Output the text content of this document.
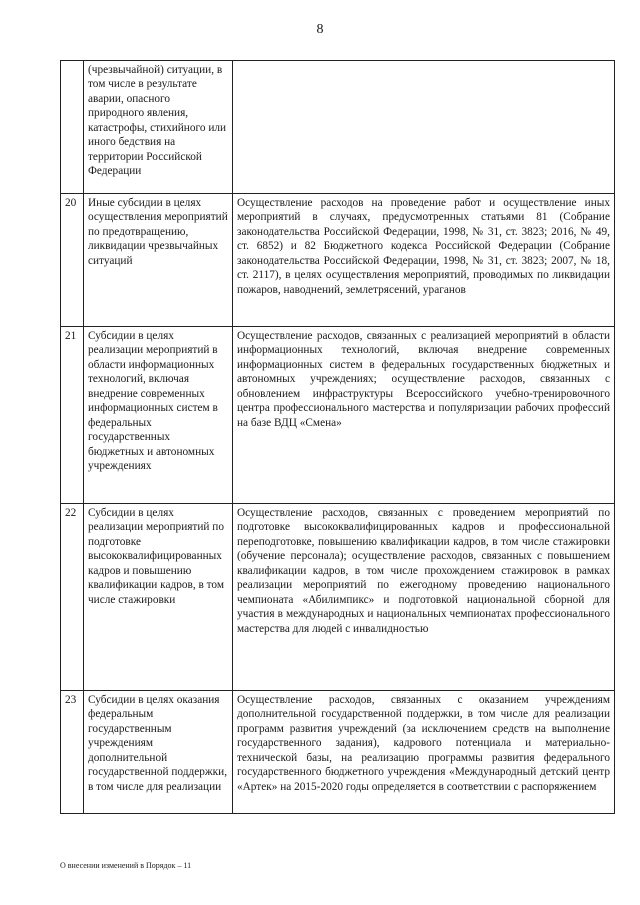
8
	(чрезвычайной) ситуации, в том числе в результате аварии, опасного природного явления, катастрофы, стихийного или иного бедствия на территории Российской Федерации	
20	Иные субсидии в целях осуществления мероприятий по предотвращению, ликвидации чрезвычайных ситуаций	Осуществление расходов на проведение работ и осуществление иных мероприятий в случаях, предусмотренных статьями 81 (Собрание законодательства Российской Федерации, 1998, № 31, ст. 3823; 2016, № 49, ст. 6852) и 82 Бюджетного кодекса Российской Федерации (Собрание законодательства Российской Федерации, 1998, № 31, ст. 3823; 2007, № 18, ст. 2117), в целях осуществления мероприятий, проводимых по ликвидации пожаров, наводнений, землетрясений, ураганов
21	Субсидии в целях реализации мероприятий в области информационных технологий, включая внедрение современных информационных систем в федеральных государственных бюджетных и автономных учреждениях	Осуществление расходов, связанных с реализацией мероприятий в области информационных технологий, включая внедрение современных информационных систем в федеральных государственных бюджетных и автономных учреждениях; осуществление расходов, связанных с обновлением инфраструктуры Всероссийского учебно-тренировочного центра профессионального мастерства и популяризации рабочих профессий на базе ВДЦ «Смена»
22	Субсидии в целях реализации мероприятий по подготовке высококвалифицированных кадров и повышению квалификации кадров, в том числе стажировки	Осуществление расходов, связанных с проведением мероприятий по подготовке высококвалифицированных кадров и профессиональной переподготовке, повышению квалификации кадров, в том числе стажировки (обучение персонала); осуществление расходов, связанных с повышением квалификации кадров, в том числе прохождением стажировок в рамках реализации мероприятий по ежегодному проведению национального чемпионата «Абилимпикс» и подготовкой национальной сборной для участия в международных и национальных чемпионатах профессионального мастерства для людей с инвалидностью
23	Субсидии в целях оказания федеральным государственным учреждениям дополнительной государственной поддержки, в том числе для реализации	Осуществление расходов, связанных с оказанием учреждениям дополнительной государственной поддержки, в том числе для реализации программ развития учреждений (за исключением средств на выполнение государственного задания), кадрового потенциала и материально-технической базы, на реализацию программы развития федерального государственного бюджетного учреждения «Международный детский центр «Артек» на 2015-2020 годы определяется в соответствии с распоряжением
О внесении изменений в Порядок – 11
